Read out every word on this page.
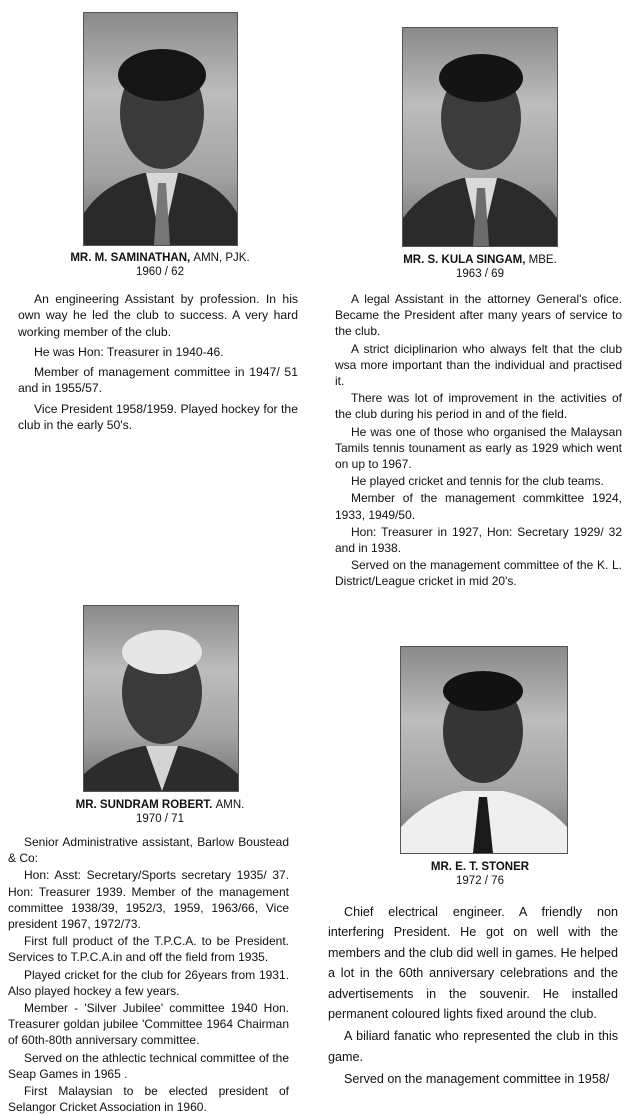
MR. M. SAMINATHAN, AMN, PJK.
1960 / 62

An engineering Assistant by profession. In his own way he led the club to success. A very hard working member of the club.

He was Hon: Treasurer in 1940-46.

Member of management committee in 1947/ 51 and in 1955/57.

Vice President 1958/1959. Played hockey for the club in the early 50's.

MR. S. KULA SINGAM, MBE.
1963 / 69

A legal Assistant in the attorney General's ofice. Became the President after many years of service to the club.

A strict diciplinarion who always felt that the club wsa more important than the individual and practised it.

There was lot of improvement in the activities of the club during his period in and of the field.

He was one of those who organised the Malaysan Tamils tennis tounament as early as 1929 which went on up to 1967.

He played cricket and tennis for the club teams.

Member of the management commkittee 1924, 1933, 1949/50.

Hon: Treasurer in 1927, Hon: Secretary 1929/ 32 and in 1938.

Served on the management committee of the K. L. District/League cricket in mid 20's.

MR. SUNDRAM ROBERT. AMN.
1970 / 71

Senior Administrative assistant, Barlow Boustead & Co:

Hon: Asst: Secretary/Sports secretary 1935/ 37. Hon: Treasurer 1939. Member of the management committee 1938/39, 1952/3, 1959, 1963/66, Vice president 1967, 1972/73.

First full product of the T.P.C.A. to be President. Services to T.P.C.A.in and off the field from 1935.

Played cricket for the club for 26years from 1931. Also played hockey a few years.

Member - 'Silver Jubilee' committee 1940 Hon. Treasurer goldan jubilee 'Committee 1964 Chairman of 60th-80th anniversary committee.

Served on the athlectic technical committee of the Seap Games in 1965 .

First Malaysian to be elected president of Selangor Cricket Association in 1960.

MR. E. T. STONER
1972 / 76

Chief electrical engineer. A friendly non interfering President. He got on well with the members and the club did well in games. He helped a lot in the 60th anniversary celebrations and the advertisements in the souvenir. He installed permanent coloured lights fixed around the club.

A biliard fanatic who represented the club in this game.

Served on the management committee in 1958/
